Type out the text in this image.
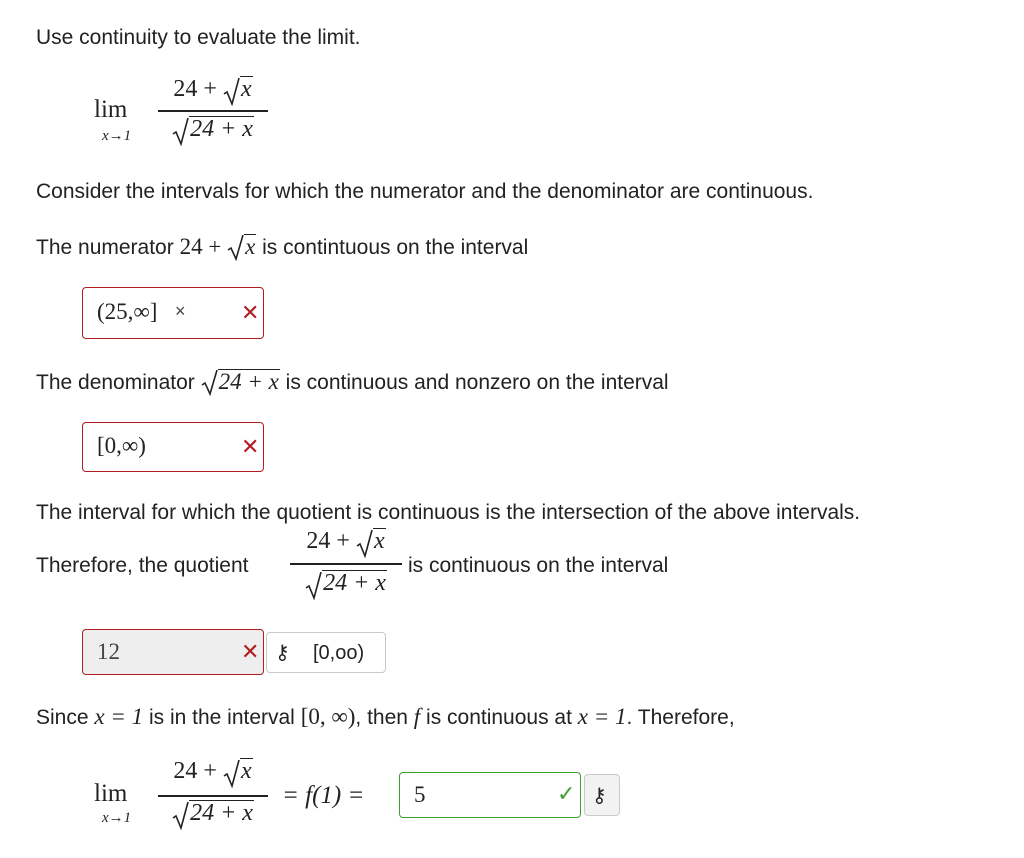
Use continuity to evaluate the limit.
lim
x→1
24 +
x
24 + x
Consider the intervals for which the numerator and the denominator are continuous.
The numerator 24 +
x is contintuous on the interval
(25,∞] ×	✕
The denominator
24 + x is continuous and nonzero on the interval
[0,∞)	✕
The interval for which the quotient is continuous is the intersection of the above intervals.
Therefore, the quotient
24 +
x
24 + x
is continuous on the interval
12	✕ ⚷ [0,oo)
Since x = 1 is in the interval [0, ∞), then f is continuous at x = 1. Therefore,
lim
x→1
24 +
x
24 + x
= f(1) = 5	✓ ⚷
